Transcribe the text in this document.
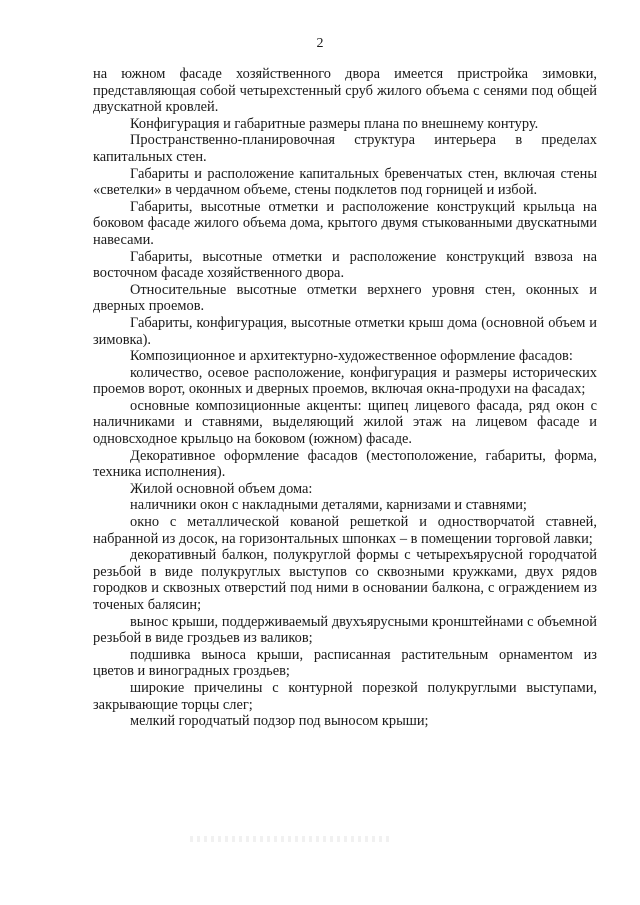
2

на южном фасаде хозяйственного двора имеется пристройка зимовки, представляющая собой четырехстенный сруб жилого объема с сенями под общей двускатной кровлей.

Конфигурация и габаритные размеры плана по внешнему контуру.

Пространственно-планировочная структура интерьера в пределах капитальных стен.

Габариты и расположение капитальных бревенчатых стен, включая стены «светелки» в чердачном объеме, стены подклетов под горницей и избой.

Габариты, высотные отметки и расположение конструкций крыльца на боковом фасаде жилого объема дома, крытого двумя стыкованными двускатными навесами.

Габариты, высотные отметки и расположение конструкций взвоза на восточном фасаде хозяйственного двора.

Относительные высотные отметки верхнего уровня стен, оконных и дверных проемов.

Габариты, конфигурация, высотные отметки крыш дома (основной объем и зимовка).

Композиционное и архитектурно-художественное оформление фасадов:

количество, осевое расположение, конфигурация и размеры исторических проемов ворот, оконных и дверных проемов, включая окна-продухи на фасадах;

основные композиционные акценты: щипец лицевого фасада, ряд окон с наличниками и ставнями, выделяющий жилой этаж на лицевом фасаде и одновсходное крыльцо на боковом (южном) фасаде.

Декоративное оформление фасадов (местоположение, габариты, форма, техника исполнения).

Жилой основной объем дома:

наличники окон с накладными деталями, карнизами и ставнями;

окно с металлической кованой решеткой и одностворчатой ставней, набранной из досок, на горизонтальных шпонках – в помещении торговой лавки;

декоративный балкон, полукруглой формы с четырехъярусной городчатой резьбой в виде полукруглых выступов со сквозными кружками, двух рядов городков и сквозных отверстий под ними в основании балкона, с ограждением из точеных балясин;

вынос крыши, поддерживаемый двухъярусными кронштейнами с объемной резьбой в виде гроздьев из валиков;

подшивка выноса крыши, расписанная растительным орнаментом из цветов и виноградных гроздьев;

широкие причелины с контурной порезкой полукруглыми выступами, закрывающие торцы слег;

мелкий городчатый подзор под выносом крыши;
